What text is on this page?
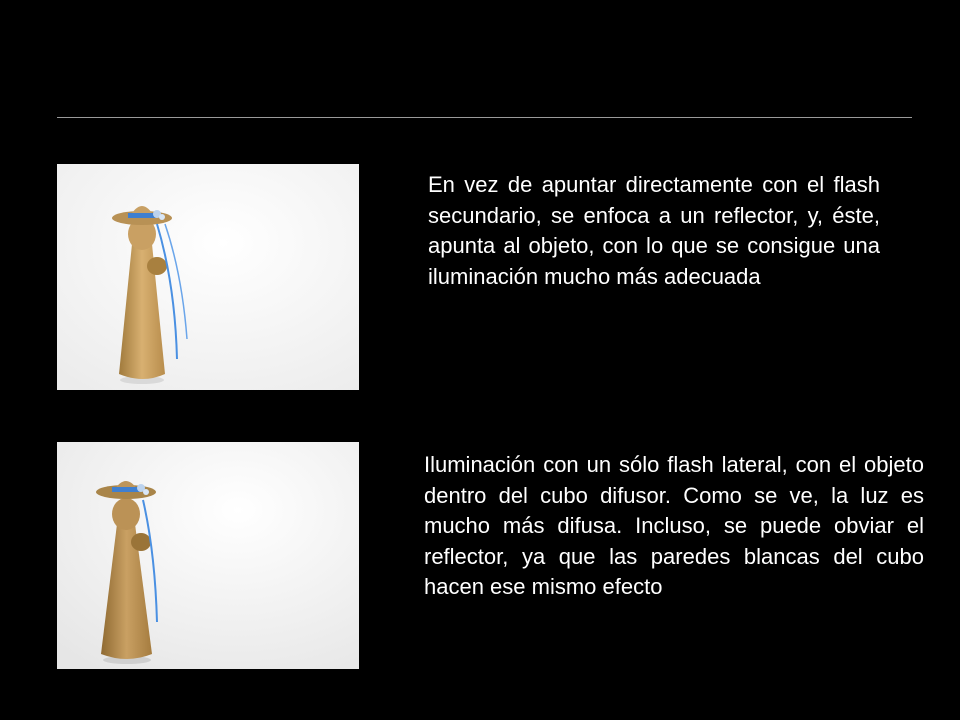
En vez de apuntar directamente con el flash secundario, se enfoca a un reflector, y, éste, apunta al objeto, con lo que se consigue una iluminación mucho más adecuada

Iluminación con un sólo flash lateral, con el objeto dentro del cubo difusor. Como se ve, la luz es mucho más difusa. Incluso, se puede obviar el reflector, ya que las paredes blancas del cubo hacen ese mismo efecto
